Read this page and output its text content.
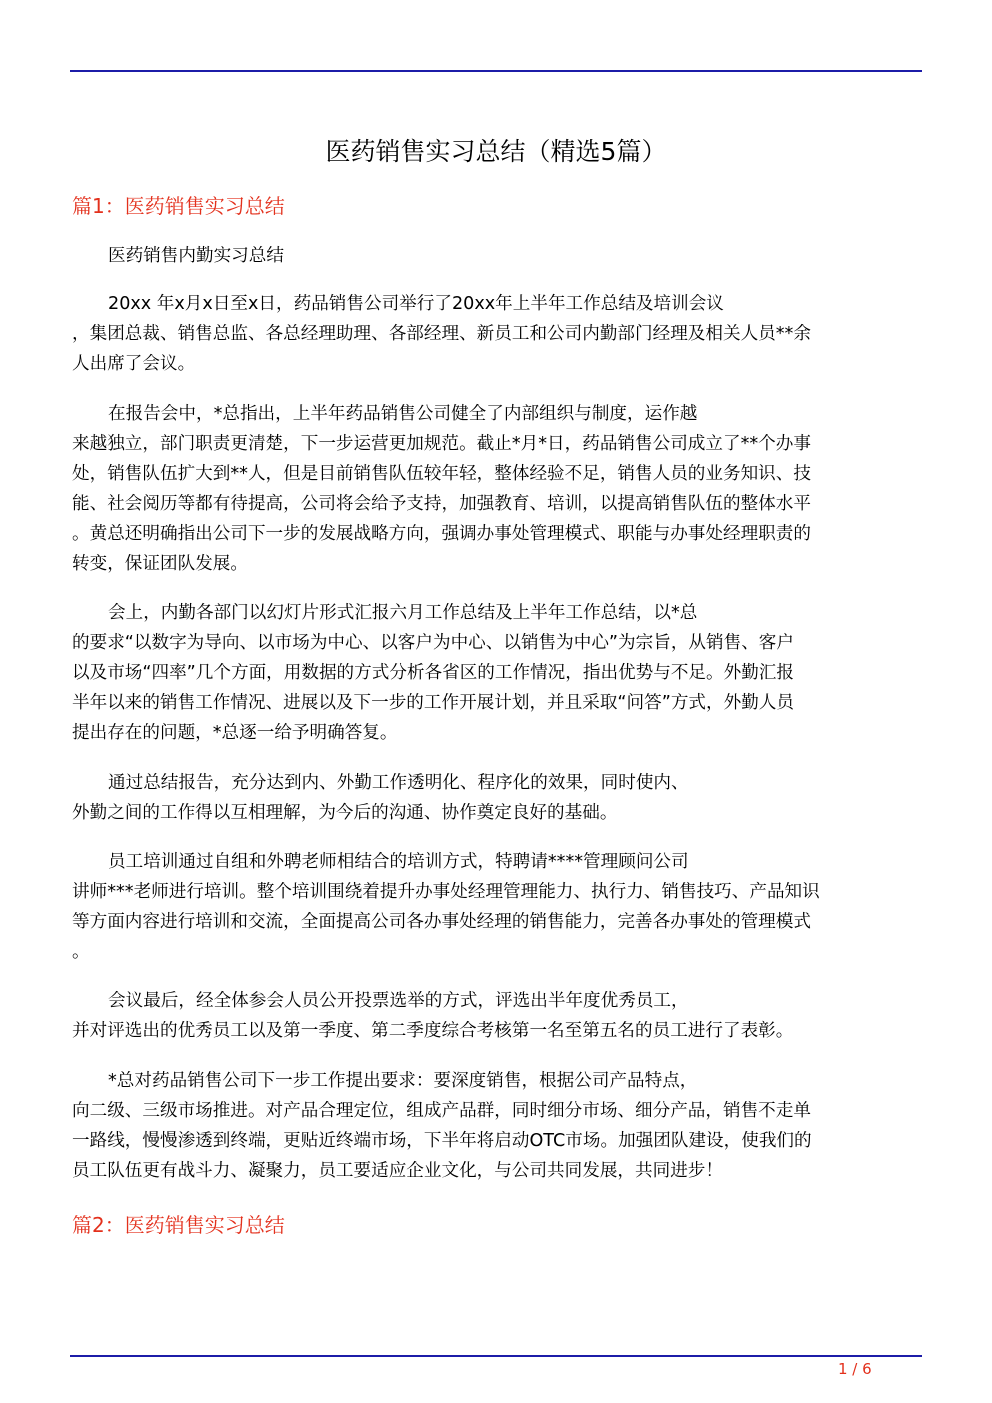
医药销售实习总结（精选5篇）
篇1：医药销售实习总结
医药销售内勤实习总结
20xx 年x月x日至x日，药品销售公司举行了20xx年上半年工作总结及培训会议
，集团总裁、销售总监、各总经理助理、各部经理、新员工和公司内勤部门经理及相关人员**余
人出席了会议。
在报告会中，*总指出，上半年药品销售公司健全了内部组织与制度，运作越
来越独立，部门职责更清楚，下一步运营更加规范。截止*月*日，药品销售公司成立了**个办事
处，销售队伍扩大到**人，但是目前销售队伍较年轻，整体经验不足，销售人员的业务知识、技
能、社会阅历等都有待提高，公司将会给予支持，加强教育、培训，以提高销售队伍的整体水平
。黄总还明确指出公司下一步的发展战略方向，强调办事处管理模式、职能与办事处经理职责的
转变，保证团队发展。
会上，内勤各部门以幻灯片形式汇报六月工作总结及上半年工作总结，以*总
的要求“以数字为导向、以市场为中心、以客户为中心、以销售为中心”为宗旨，从销售、客户
以及市场“四率”几个方面，用数据的方式分析各省区的工作情况，指出优势与不足。外勤汇报
半年以来的销售工作情况、进展以及下一步的工作开展计划，并且采取“问答”方式，外勤人员
提出存在的问题，*总逐一给予明确答复。
通过总结报告，充分达到内、外勤工作透明化、程序化的效果，同时使内、
外勤之间的工作得以互相理解，为今后的沟通、协作奠定良好的基础。
员工培训通过自组和外聘老师相结合的培训方式，特聘请****管理顾问公司
讲师***老师进行培训。整个培训围绕着提升办事处经理管理能力、执行力、销售技巧、产品知识
等方面内容进行培训和交流，全面提高公司各办事处经理的销售能力，完善各办事处的管理模式
。
会议最后，经全体参会人员公开投票选举的方式，评选出半年度优秀员工，
并对评选出的优秀员工以及第一季度、第二季度综合考核第一名至第五名的员工进行了表彰。
*总对药品销售公司下一步工作提出要求：要深度销售，根据公司产品特点，
向二级、三级市场推进。对产品合理定位，组成产品群，同时细分市场、细分产品，销售不走单
一路线，慢慢渗透到终端，更贴近终端市场，下半年将启动OTC市场。加强团队建设，使我们的
员工队伍更有战斗力、凝聚力，员工要适应企业文化，与公司共同发展，共同进步！
篇2：医药销售实习总结
1 / 6
